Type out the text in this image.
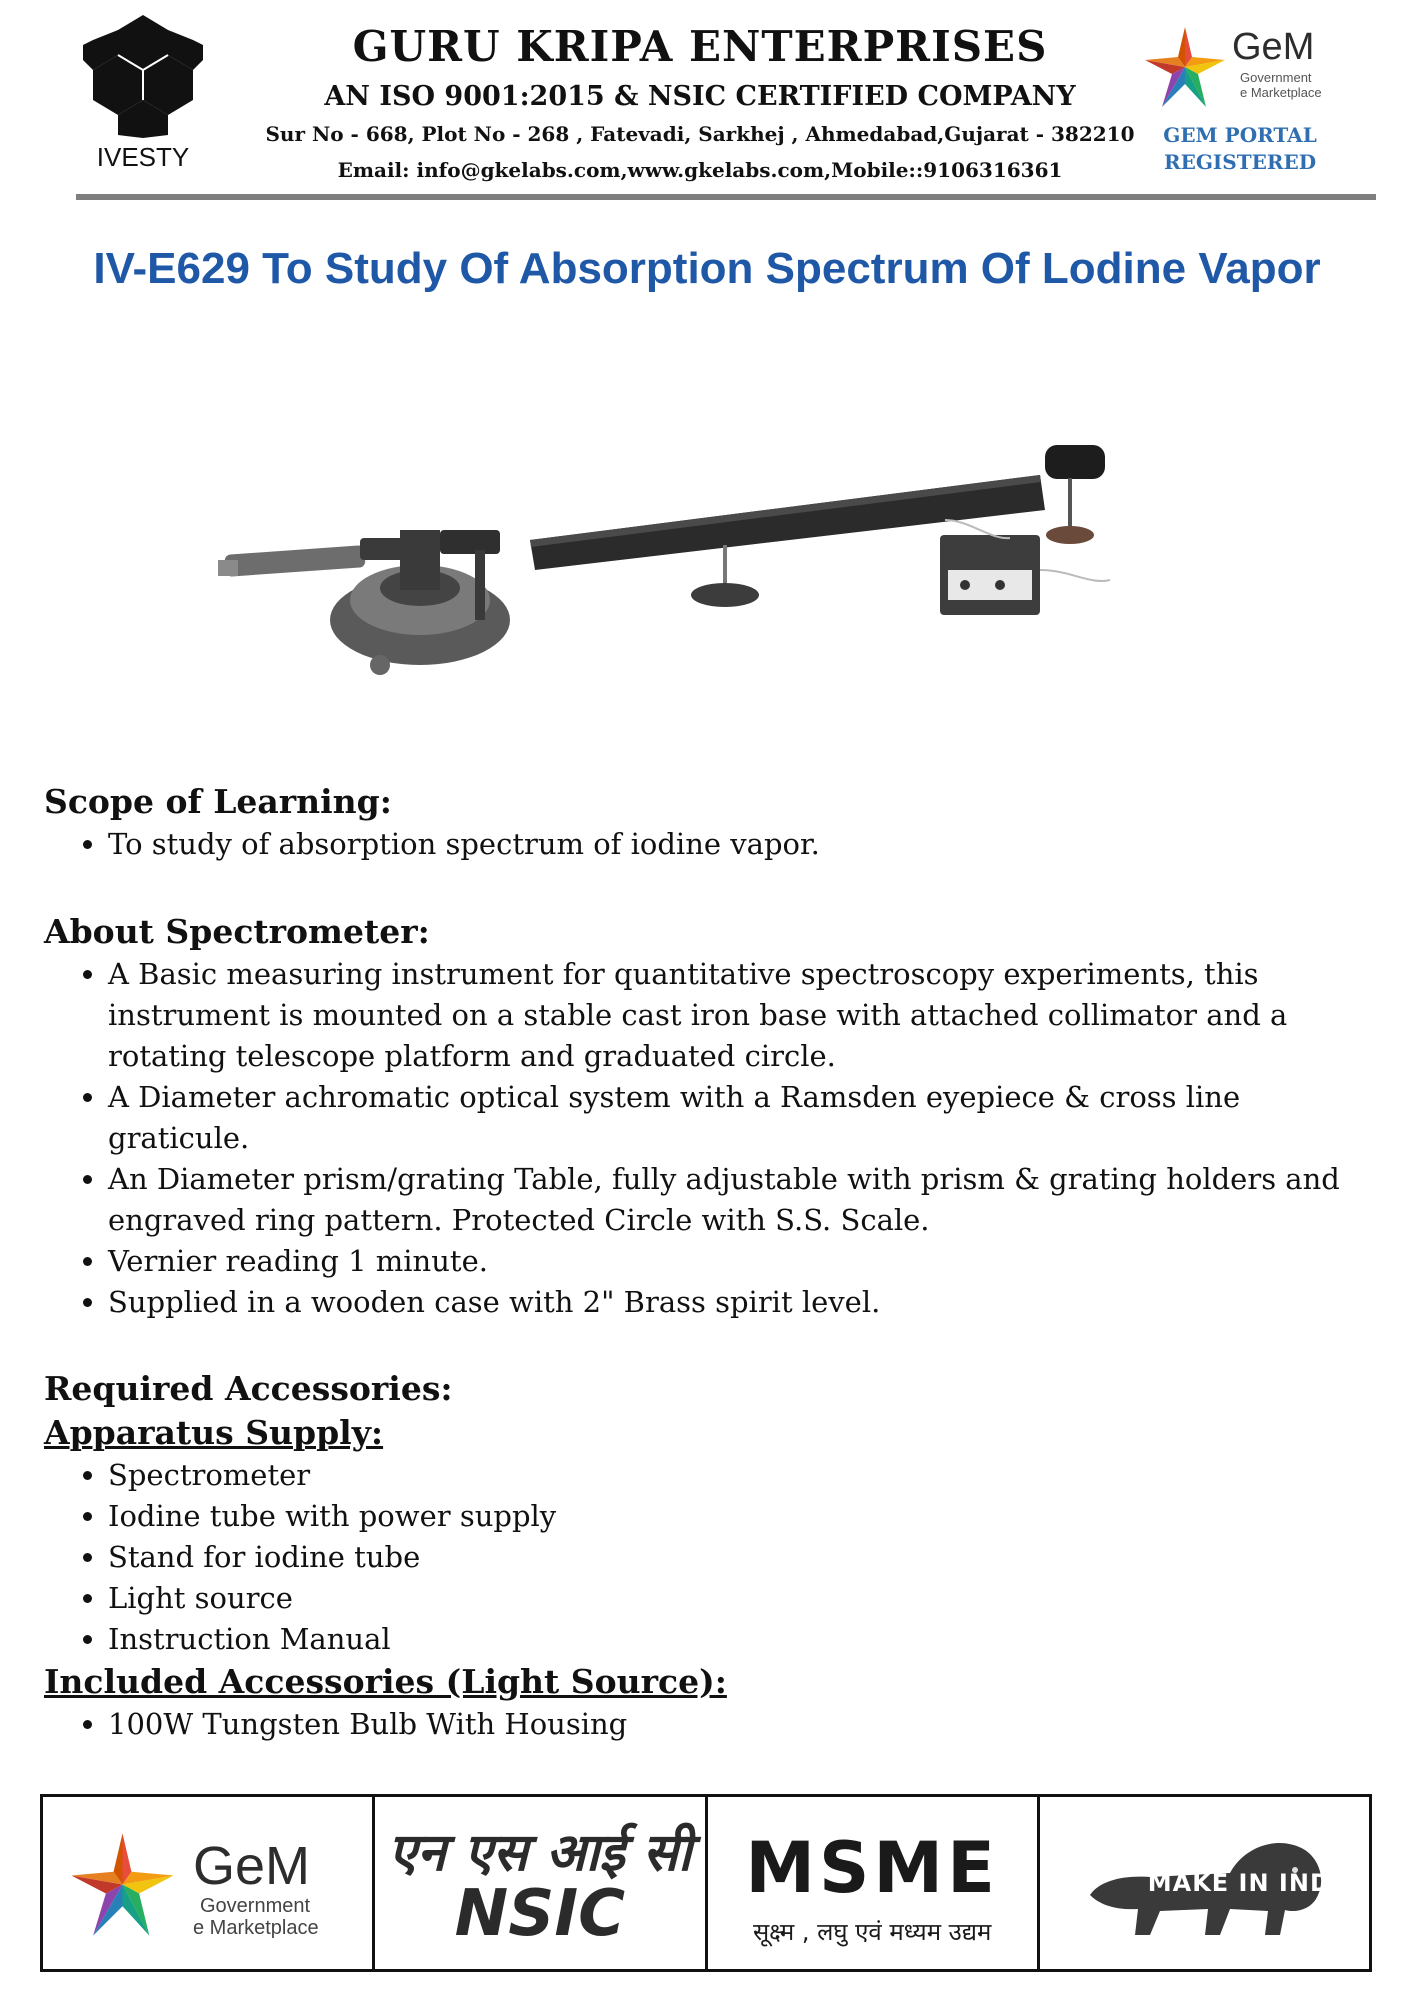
IVESTY
GURU KRIPA ENTERPRISES
AN ISO 9001:2015 & NSIC CERTIFIED COMPANY
Sur No - 668, Plot No - 268 , Fatevadi, Sarkhej , Ahmedabad,Gujarat - 382210
Email: info@gkelabs.com,www.gkelabs.com,Mobile::9106316361
GeM
Government
e Marketplace
GEM PORTAL
REGISTERED
IV-E629 To Study Of Absorption Spectrum Of Lodine Vapor
Scope of Learning:
• To study of absorption spectrum of iodine vapor.
About Spectrometer:
• A Basic measuring instrument for quantitative spectroscopy experiments, this instrument is mounted on a stable cast iron base with attached collimator and a rotating telescope platform and graduated circle.
• A Diameter achromatic optical system with a Ramsden eyepiece & cross line graticule.
• An Diameter prism/grating Table, fully adjustable with prism & grating holders and engraved ring pattern. Protected Circle with S.S. Scale.
• Vernier reading 1 minute.
• Supplied in a wooden case with 2" Brass spirit level.
Required Accessories:
Apparatus Supply:
• Spectrometer
• Iodine tube with power supply
• Stand for iodine tube
• Light source
• Instruction Manual
Included Accessories (Light Source):
• 100W Tungsten Bulb With Housing
GeM
Government
e Marketplace
एन एस आई सी
NSIC
MSME
सूक्ष्म , लघु एवं मध्यम उद्यम
MAKE IN INDIA
